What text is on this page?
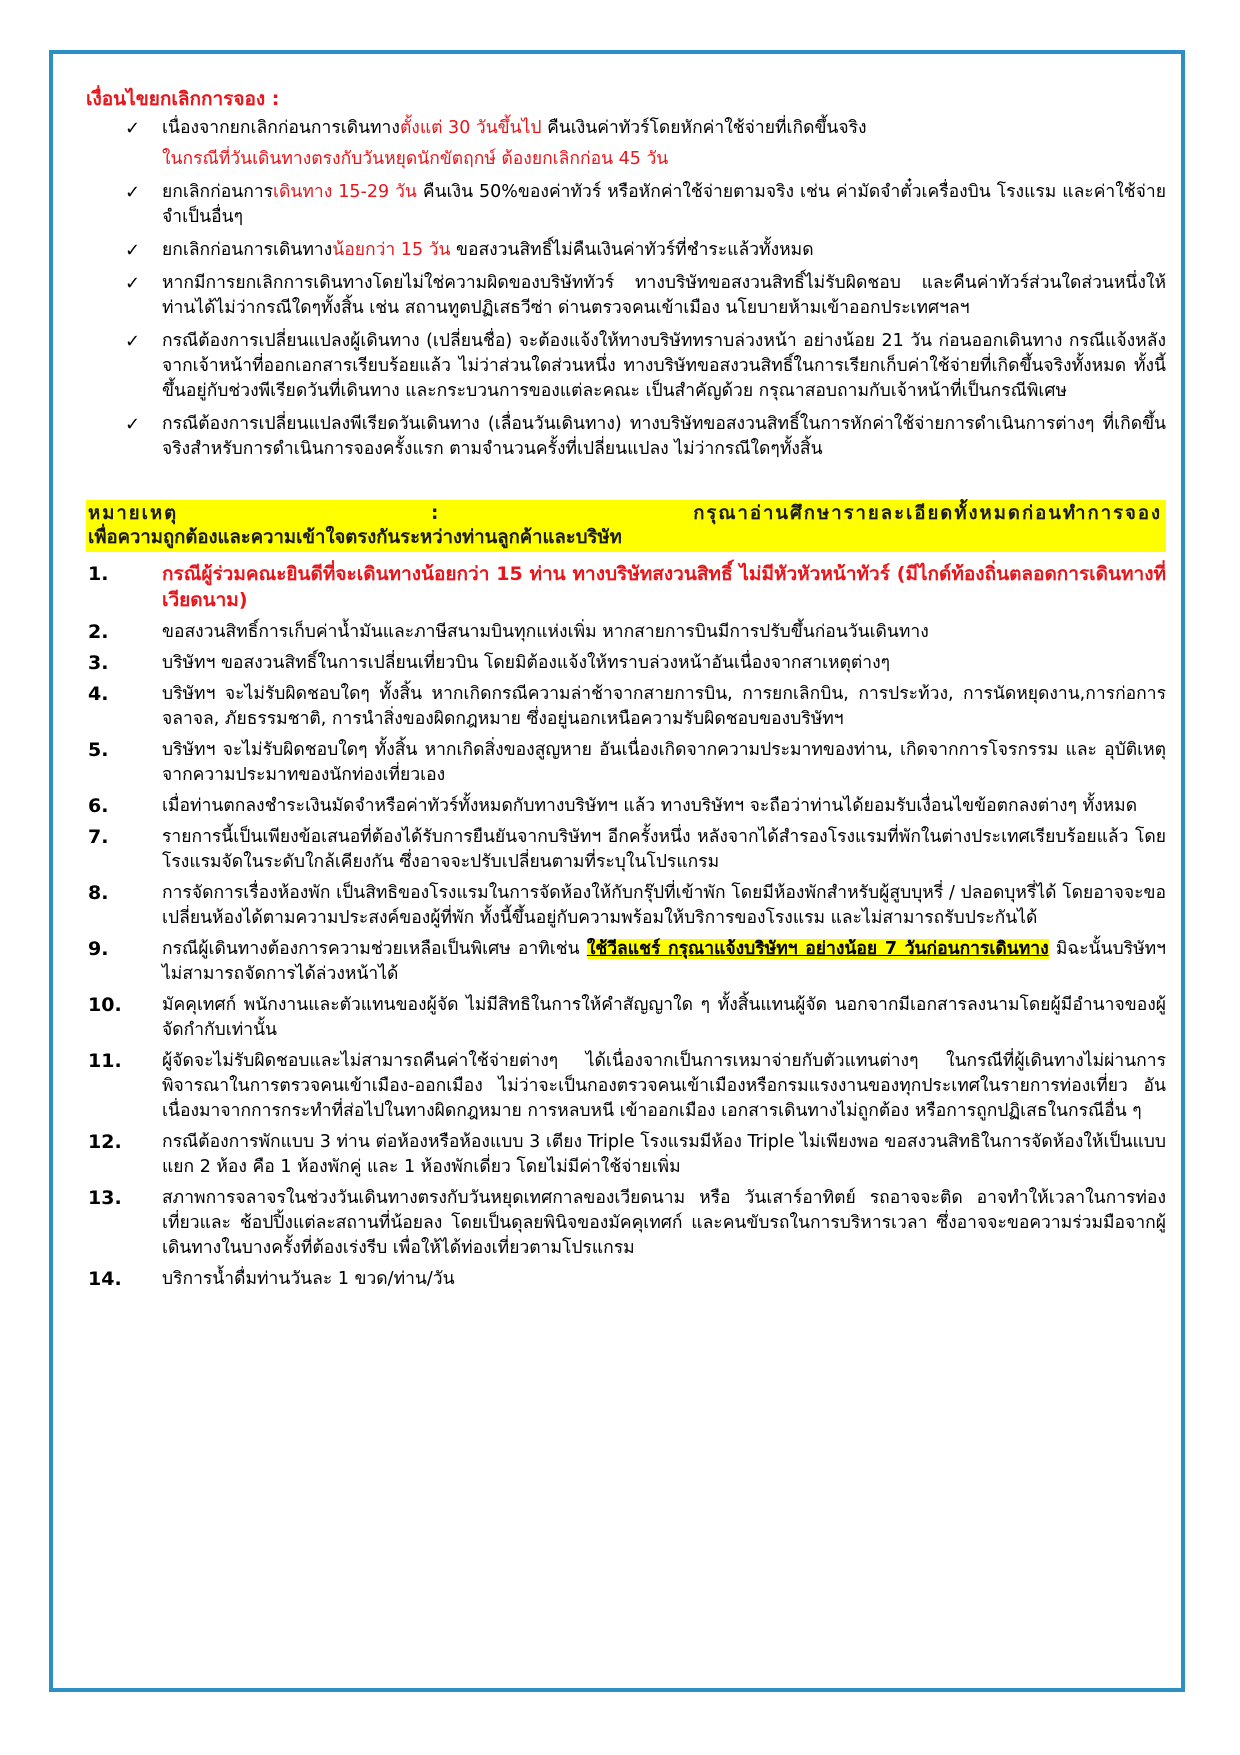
เงื่อนไขยกเลิกการจอง :
✓ เนื่องจากยกเลิกก่อนการเดินทางตั้งแต่ 30 วันขึ้นไป คืนเงินค่าทัวร์โดยหักค่าใช้จ่ายที่เกิดขึ้นจริง
ในกรณีที่วันเดินทางตรงกับวันหยุดนักขัตฤกษ์ ต้องยกเลิกก่อน 45 วัน
✓ ยกเลิกก่อนการเดินทาง 15-29 วัน คืนเงิน 50%ของค่าทัวร์ หรือหักค่าใช้จ่ายตามจริง เช่น ค่ามัดจำตั๋วเครื่องบิน โรงแรม และค่าใช้จ่ายจำเป็นอื่นๆ
✓ ยกเลิกก่อนการเดินทางน้อยกว่า 15 วัน ขอสงวนสิทธิ์ไม่คืนเงินค่าทัวร์ที่ชำระแล้วทั้งหมด
✓ หากมีการยกเลิกการเดินทางโดยไม่ใช่ความผิดของบริษัททัวร์ ทางบริษัทขอสงวนสิทธิ์ไม่รับผิดชอบ และคืนค่าทัวร์ส่วนใดส่วนหนึ่งให้ท่านได้ไม่ว่ากรณีใดๆทั้งสิ้น เช่น สถานทูตปฏิเสธวีซ่า ด่านตรวจคนเข้าเมือง นโยบายห้ามเข้าออกประเทศฯลฯ
✓ กรณีต้องการเปลี่ยนแปลงผู้เดินทาง (เปลี่ยนชื่อ) จะต้องแจ้งให้ทางบริษัททราบล่วงหน้า อย่างน้อย 21 วัน ก่อนออกเดินทาง กรณีแจ้งหลังจากเจ้าหน้าที่ออกเอกสารเรียบร้อยแล้ว ไม่ว่าส่วนใดส่วนหนึ่ง ทางบริษัทขอสงวนสิทธิ์ในการเรียกเก็บค่าใช้จ่ายที่เกิดขึ้นจริงทั้งหมด ทั้งนี้ขึ้นอยู่กับช่วงพีเรียดวันที่เดินทาง และกระบวนการของแต่ละคณะ เป็นสำคัญด้วย กรุณาสอบถามกับเจ้าหน้าที่เป็นกรณีพิเศษ
✓ กรณีต้องการเปลี่ยนแปลงพีเรียดวันเดินทาง (เลื่อนวันเดินทาง) ทางบริษัทขอสงวนสิทธิ์ในการหักค่าใช้จ่ายการดำเนินการต่างๆ ที่เกิดขึ้นจริงสำหรับการดำเนินการจองครั้งแรก ตามจำนวนครั้งที่เปลี่ยนแปลง ไม่ว่ากรณีใดๆทั้งสิ้น
หมายเหตุ : กรุณาอ่านศึกษารายละเอียดทั้งหมดก่อนทำการจอง
เพื่อความถูกต้องและความเข้าใจตรงกันระหว่างท่านลูกค้าและบริษัท
1.	กรณีผู้ร่วมคณะยินดีที่จะเดินทางน้อยกว่า 15 ท่าน ทางบริษัทสงวนสิทธิ์ ไม่มีหัวหัวหน้าทัวร์ (มีไกด์ท้องถิ่นตลอดการเดินทางที่เวียดนาม)
2.	ขอสงวนสิทธิ์การเก็บค่าน้ำมันและภาษีสนามบินทุกแห่งเพิ่ม หากสายการบินมีการปรับขึ้นก่อนวันเดินทาง
3.	บริษัทฯ ขอสงวนสิทธิ์ในการเปลี่ยนเที่ยวบิน โดยมิต้องแจ้งให้ทราบล่วงหน้าอันเนื่องจากสาเหตุต่างๆ
4.	บริษัทฯ จะไม่รับผิดชอบใดๆ ทั้งสิ้น หากเกิดกรณีความล่าช้าจากสายการบิน, การยกเลิกบิน, การประท้วง, การนัดหยุดงาน,การก่อการจลาจล, ภัยธรรมชาติ, การนำสิ่งของผิดกฎหมาย ซึ่งอยู่นอกเหนือความรับผิดชอบของบริษัทฯ
5.	บริษัทฯ จะไม่รับผิดชอบใดๆ ทั้งสิ้น หากเกิดสิ่งของสูญหาย อันเนื่องเกิดจากความประมาทของท่าน, เกิดจากการโจรกรรม และ อุบัติเหตุจากความประมาทของนักท่องเที่ยวเอง
6.	เมื่อท่านตกลงชำระเงินมัดจำหรือค่าทัวร์ทั้งหมดกับทางบริษัทฯ แล้ว ทางบริษัทฯ จะถือว่าท่านได้ยอมรับเงื่อนไขข้อตกลงต่างๆ ทั้งหมด
7.	รายการนี้เป็นเพียงข้อเสนอที่ต้องได้รับการยืนยันจากบริษัทฯ อีกครั้งหนึ่ง หลังจากได้สำรองโรงแรมที่พักในต่างประเทศเรียบร้อยแล้ว โดยโรงแรมจัดในระดับใกล้เคียงกัน ซึ่งอาจจะปรับเปลี่ยนตามที่ระบุในโปรแกรม
8.	การจัดการเรื่องห้องพัก เป็นสิทธิของโรงแรมในการจัดห้องให้กับกรุ๊ปที่เข้าพัก โดยมีห้องพักสำหรับผู้สูบบุหรี่ / ปลอดบุหรี่ได้ โดยอาจจะขอเปลี่ยนห้องได้ตามความประสงค์ของผู้ที่พัก ทั้งนี้ขึ้นอยู่กับความพร้อมให้บริการของโรงแรม และไม่สามารถรับประกันได้
9.	กรณีผู้เดินทางต้องการความช่วยเหลือเป็นพิเศษ อาทิเช่น ใช้วีลแชร์ กรุณาแจ้งบริษัทฯ อย่างน้อย 7 วันก่อนการเดินทาง มิฉะนั้นบริษัทฯไม่สามารถจัดการได้ล่วงหน้าได้
10. มัคคุเทศก์ พนักงานและตัวแทนของผู้จัด ไม่มีสิทธิในการให้คำสัญญาใด ๆ ทั้งสิ้นแทนผู้จัด นอกจากมีเอกสารลงนามโดยผู้มีอำนาจของผู้จัดกำกับเท่านั้น
11. ผู้จัดจะไม่รับผิดชอบและไม่สามารถคืนค่าใช้จ่ายต่างๆ ได้เนื่องจากเป็นการเหมาจ่ายกับตัวแทนต่างๆ ในกรณีที่ผู้เดินทางไม่ผ่านการพิจารณาในการตรวจคนเข้าเมือง-ออกเมือง ไม่ว่าจะเป็นกองตรวจคนเข้าเมืองหรือกรมแรงงานของทุกประเทศในรายการท่องเที่ยว อันเนื่องมาจากการกระทำที่ส่อไปในทางผิดกฎหมาย การหลบหนี เข้าออกเมือง เอกสารเดินทางไม่ถูกต้อง หรือการถูกปฏิเสธในกรณีอื่น ๆ
12. กรณีต้องการพักแบบ 3 ท่าน ต่อห้องหรือห้องแบบ 3 เตียง Triple โรงแรมมีห้อง Triple ไม่เพียงพอ ขอสงวนสิทธิในการจัดห้องให้เป็นแบบ แยก 2 ห้อง คือ 1 ห้องพักคู่ และ 1 ห้องพักเดี่ยว โดยไม่มีค่าใช้จ่ายเพิ่ม
13. สภาพการจลาจรในช่วงวันเดินทางตรงกับวันหยุดเทศกาลของเวียดนาม หรือ วันเสาร์อาทิตย์ รถอาจจะติด อาจทำให้เวลาในการท่องเที่ยวและ ช้อปปิ้งแต่ละสถานที่น้อยลง โดยเป็นดุลยพินิจของมัคคุเทศก์ และคนขับรถในการบริหารเวลา ซึ่งอาจจะขอความร่วมมือจากผู้เดินทางในบางครั้งที่ต้องเร่งรีบ เพื่อให้ได้ท่องเที่ยวตามโปรแกรม
14. บริการน้ำดื่มท่านวันละ 1 ขวด/ท่าน/วัน
